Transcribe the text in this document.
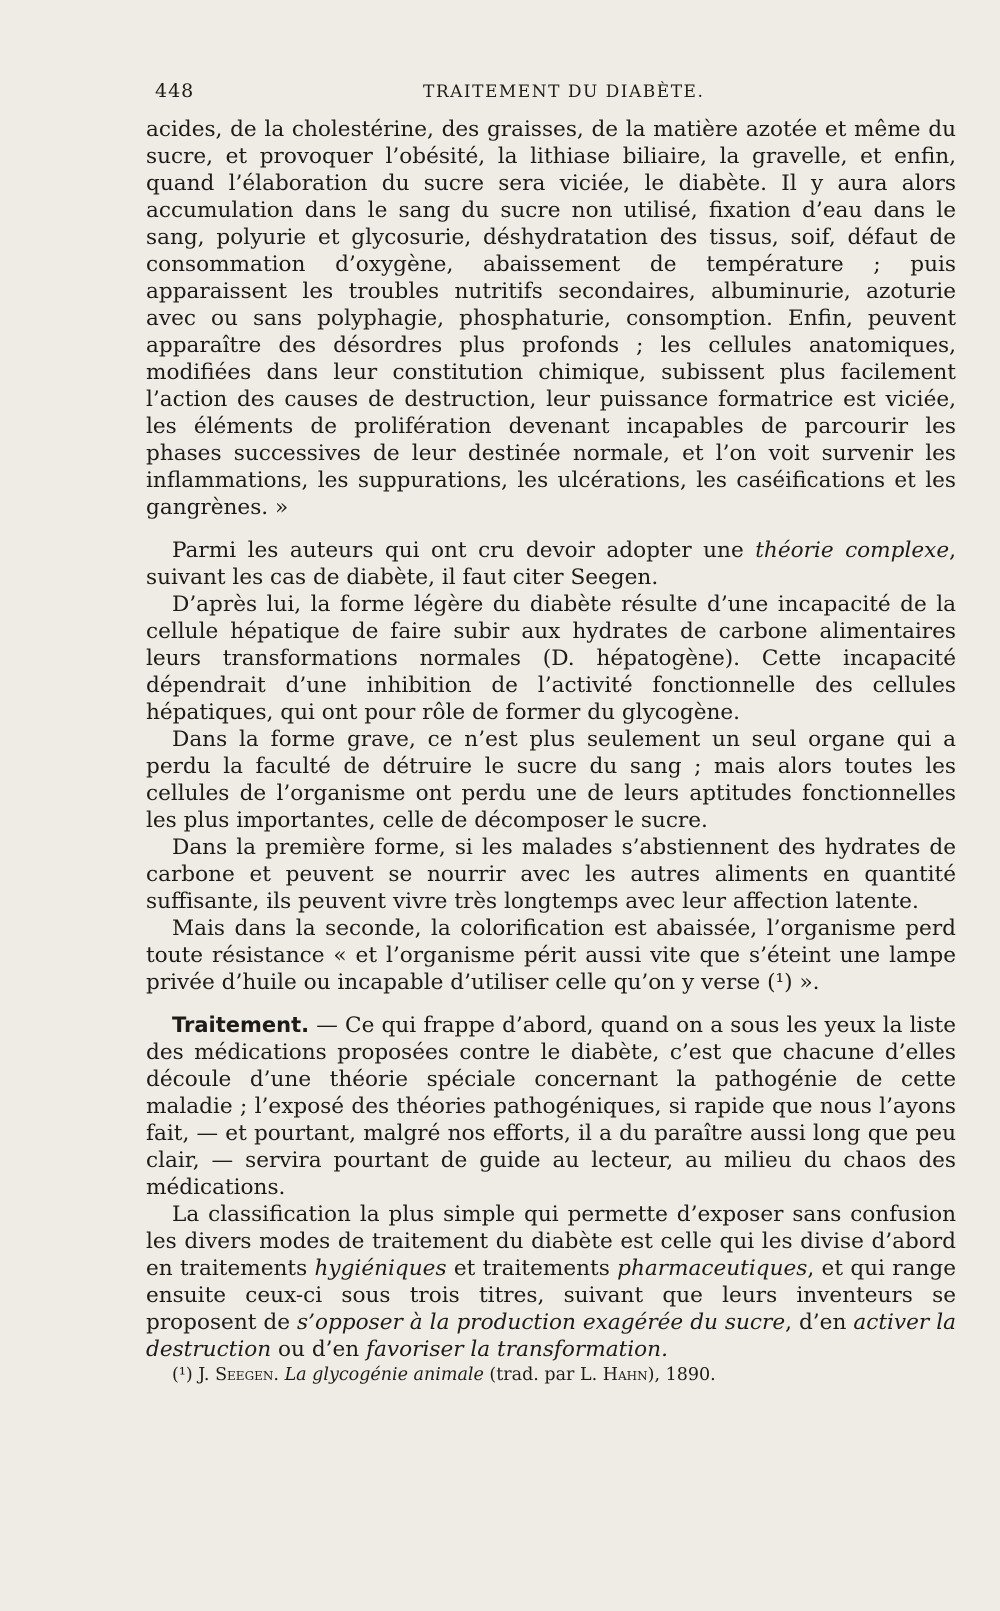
448	TRAITEMENT DU DIABÈTE.

acides, de la cholestérine, des graisses, de la matière azotée et même du sucre, et provoquer l’obésité, la lithiase biliaire, la gravelle, et enfin, quand l’élaboration du sucre sera viciée, le diabète. Il y aura alors accumulation dans le sang du sucre non utilisé, fixation d’eau dans le sang, polyurie et glycosurie, déshydratation des tissus, soif, défaut de consommation d’oxygène, abaissement de température ; puis apparaissent les troubles nutritifs secondaires, albuminurie, azoturie avec ou sans polyphagie, phosphaturie, consomption. Enfin, peuvent apparaître des désordres plus profonds ; les cellules anatomiques, modifiées dans leur constitution chimique, subissent plus facilement l’action des causes de destruction, leur puissance formatrice est viciée, les éléments de prolifération devenant incapables de parcourir les phases successives de leur destinée normale, et l’on voit survenir les inflammations, les suppurations, les ulcérations, les caséifications et les gangrènes. »

Parmi les auteurs qui ont cru devoir adopter une théorie complexe, suivant les cas de diabète, il faut citer Seegen.

D’après lui, la forme légère du diabète résulte d’une incapacité de la cellule hépatique de faire subir aux hydrates de carbone alimentaires leurs transformations normales (D. hépatogène). Cette incapacité dépendrait d’une inhibition de l’activité fonctionnelle des cellules hépatiques, qui ont pour rôle de former du glycogène.

Dans la forme grave, ce n’est plus seulement un seul organe qui a perdu la faculté de détruire le sucre du sang ; mais alors toutes les cellules de l’organisme ont perdu une de leurs aptitudes fonctionnelles les plus importantes, celle de décomposer le sucre.

Dans la première forme, si les malades s’abstiennent des hydrates de carbone et peuvent se nourrir avec les autres aliments en quantité suffisante, ils peuvent vivre très longtemps avec leur affection latente.

Mais dans la seconde, la colorification est abaissée, l’organisme perd toute résistance « et l’organisme périt aussi vite que s’éteint une lampe privée d’huile ou incapable d’utiliser celle qu’on y verse (¹) ».

Traitement. — Ce qui frappe d’abord, quand on a sous les yeux la liste des médications proposées contre le diabète, c’est que chacune d’elles découle d’une théorie spéciale concernant la pathogénie de cette maladie ; l’exposé des théories pathogéniques, si rapide que nous l’ayons fait, — et pourtant, malgré nos efforts, il a du paraître aussi long que peu clair, — servira pourtant de guide au lecteur, au milieu du chaos des médications.

La classification la plus simple qui permette d’exposer sans confusion les divers modes de traitement du diabète est celle qui les divise d’abord en traitements hygiéniques et traitements pharmaceutiques, et qui range ensuite ceux-ci sous trois titres, suivant que leurs inventeurs se proposent de s’opposer à la production exagérée du sucre, d’en activer la destruction ou d’en favoriser la transformation.

(¹) J. Seegen. La glycogénie animale (trad. par L. Hahn), 1890.
